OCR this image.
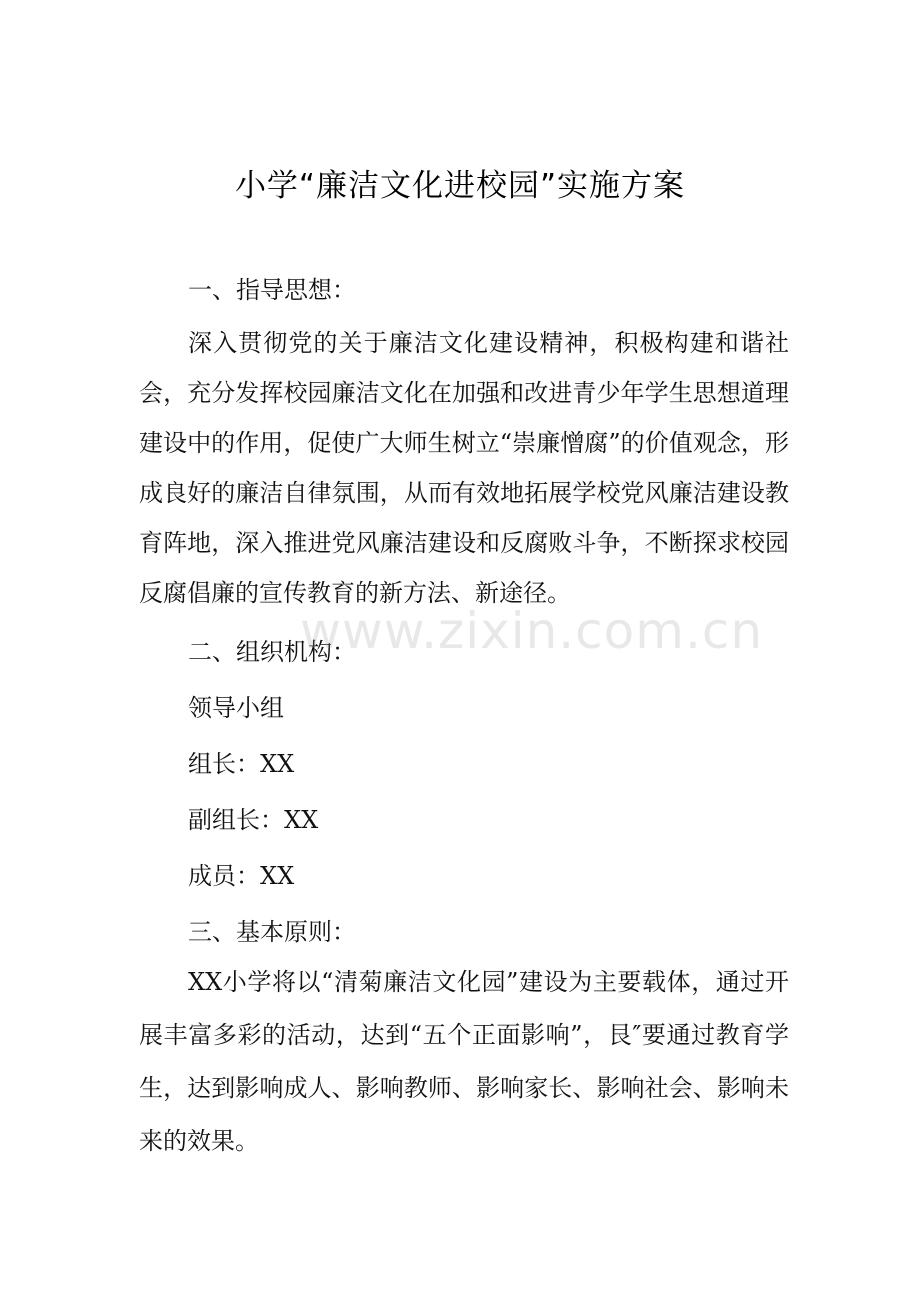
小学“廉洁文化进校园”实施方案
一、指导思想：
深入贯彻党的关于廉洁文化建设精神，积极构建和谐社会，充分发挥校园廉洁文化在加强和改进青少年学生思想道理建设中的作用，促使广大师生树立“崇廉憎腐”的价值观念，形成良好的廉洁自律氛围，从而有效地拓展学校党风廉洁建设教育阵地，深入推进党风廉洁建设和反腐败斗争，不断探求校园反腐倡廉的宣传教育的新方法、新途径。
二、组织机构：
领导小组
组长：XX
副组长：XX
成员：XX
三、基本原则：
XX小学将以“清菊廉洁文化园”建设为主要载体，通过开展丰富多彩的活动，达到“五个正面影响”，艮″要通过教育学生，达到影响成人、影响教师、影响家长、影响社会、影响未来的效果。
www.zixin.com.cn
